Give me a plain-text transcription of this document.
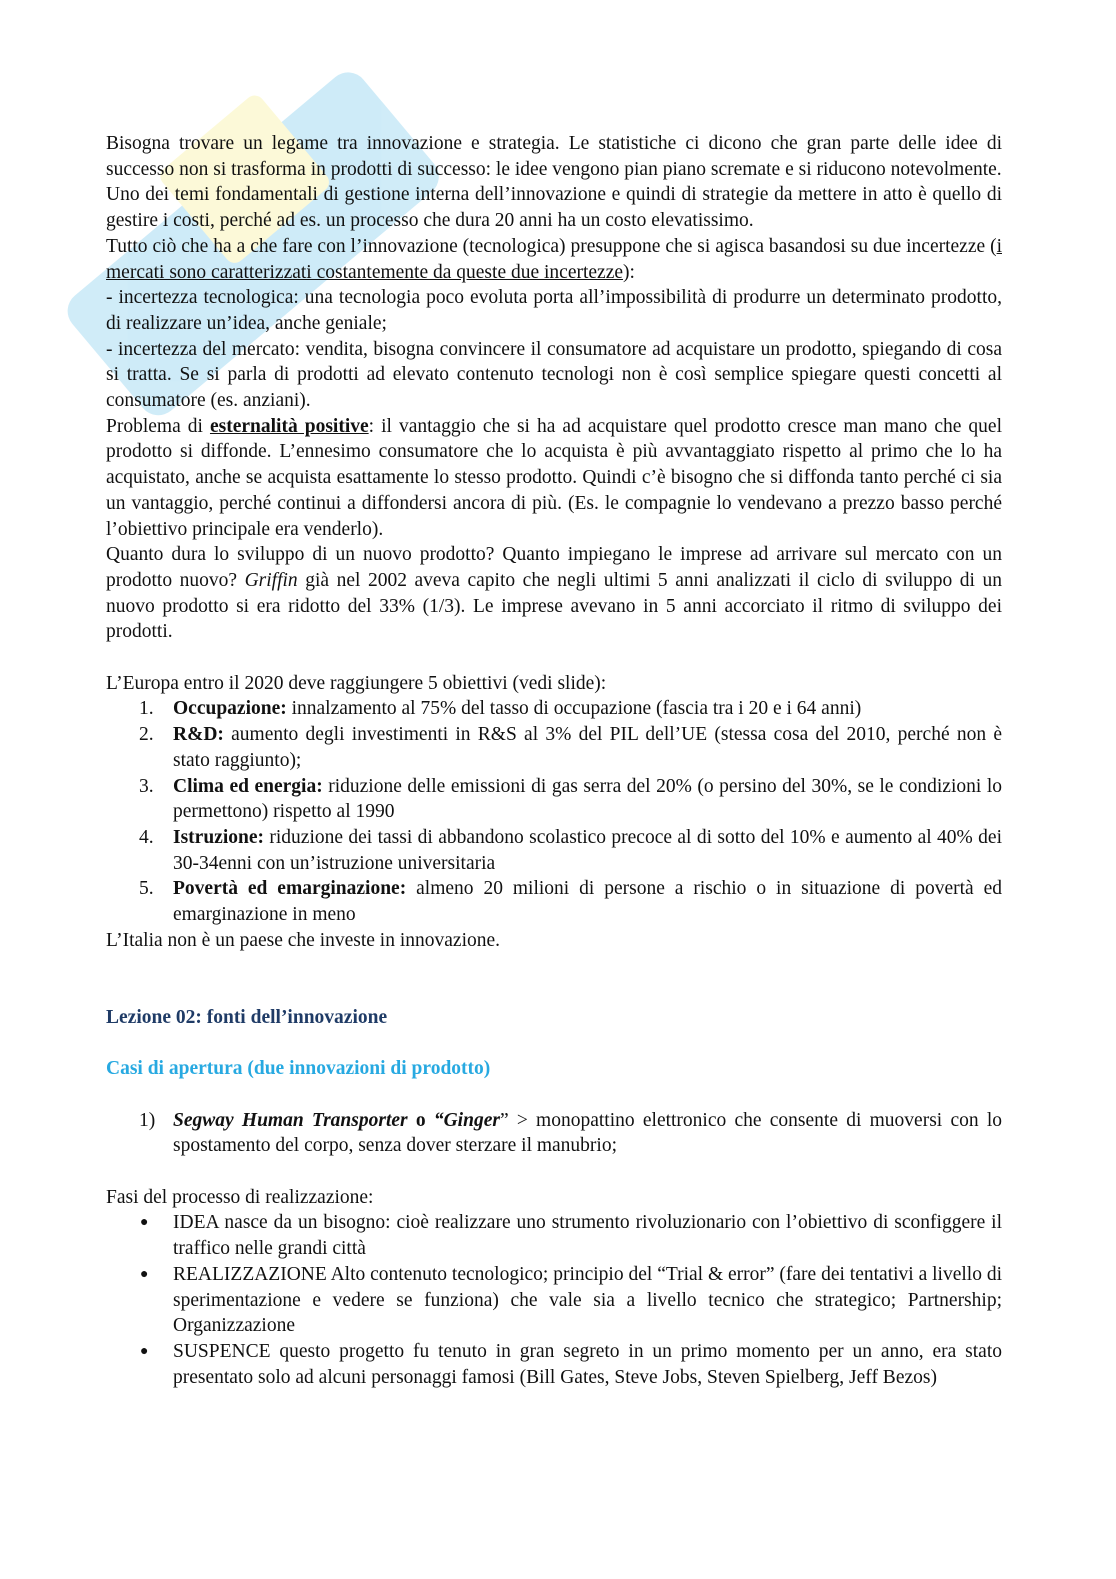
Bisogna trovare un legame tra innovazione e strategia. Le statistiche ci dicono che gran parte delle idee di successo non si trasforma in prodotti di successo: le idee vengono pian piano scremate e si riducono notevolmente.

Uno dei temi fondamentali di gestione interna dell’innovazione e quindi di strategie da mettere in atto è quello di gestire i costi, perché ad es. un processo che dura 20 anni ha un costo elevatissimo.

Tutto ciò che ha a che fare con l’innovazione (tecnologica) presuppone che si agisca basandosi su due incertezze (i mercati sono caratterizzati costantemente da queste due incertezze):

- incertezza tecnologica: una tecnologia poco evoluta porta all’impossibilità di produrre un determinato prodotto, di realizzare un’idea, anche geniale;

- incertezza del mercato: vendita, bisogna convincere il consumatore ad acquistare un prodotto, spiegando di cosa si tratta. Se si parla di prodotti ad elevato contenuto tecnologi non è così semplice spiegare questi concetti al consumatore (es. anziani).

Problema di esternalità positive: il vantaggio che si ha ad acquistare quel prodotto cresce man mano che quel prodotto si diffonde. L’ennesimo consumatore che lo acquista è più avvantaggiato rispetto al primo che lo ha acquistato, anche se acquista esattamente lo stesso prodotto. Quindi c’è bisogno che si diffonda tanto perché ci sia un vantaggio, perché continui a diffondersi ancora di più. (Es. le compagnie lo vendevano a prezzo basso perché l’obiettivo principale era venderlo).

Quanto dura lo sviluppo di un nuovo prodotto? Quanto impiegano le imprese ad arrivare sul mercato con un prodotto nuovo? Griffin già nel 2002 aveva capito che negli ultimi 5 anni analizzati il ciclo di sviluppo di un nuovo prodotto si era ridotto del 33% (1/3). Le imprese avevano in 5 anni accorciato il ritmo di sviluppo dei prodotti.

L’Europa entro il 2020 deve raggiungere 5 obiettivi (vedi slide):

1. Occupazione: innalzamento al 75% del tasso di occupazione (fascia tra i 20 e i 64 anni)
2. R&D: aumento degli investimenti in R&S al 3% del PIL dell’UE (stessa cosa del 2010, perché non è stato raggiunto);
3. Clima ed energia: riduzione delle emissioni di gas serra del 20% (o persino del 30%, se le condizioni lo permettono) rispetto al 1990
4. Istruzione: riduzione dei tassi di abbandono scolastico precoce al di sotto del 10% e aumento al 40% dei 30-34enni con un’istruzione universitaria
5. Povertà ed emarginazione: almeno 20 milioni di persone a rischio o in situazione di povertà ed emarginazione in meno

L’Italia non è un paese che investe in innovazione.

Lezione 02: fonti dell’innovazione

Casi di apertura (due innovazioni di prodotto)

1) Segway Human Transporter o “Ginger” > monopattino elettronico che consente di muoversi con lo spostamento del corpo, senza dover sterzare il manubrio;

Fasi del processo di realizzazione:

● IDEA nasce da un bisogno: cioè realizzare uno strumento rivoluzionario con l’obiettivo di sconfiggere il traffico nelle grandi città
● REALIZZAZIONE Alto contenuto tecnologico; principio del “Trial & error” (fare dei tentativi a livello di sperimentazione e vedere se funziona) che vale sia a livello tecnico che strategico; Partnership; Organizzazione
● SUSPENCE questo progetto fu tenuto in gran segreto in un primo momento per un anno, era stato presentato solo ad alcuni personaggi famosi (Bill Gates, Steve Jobs, Steven Spielberg, Jeff Bezos)
